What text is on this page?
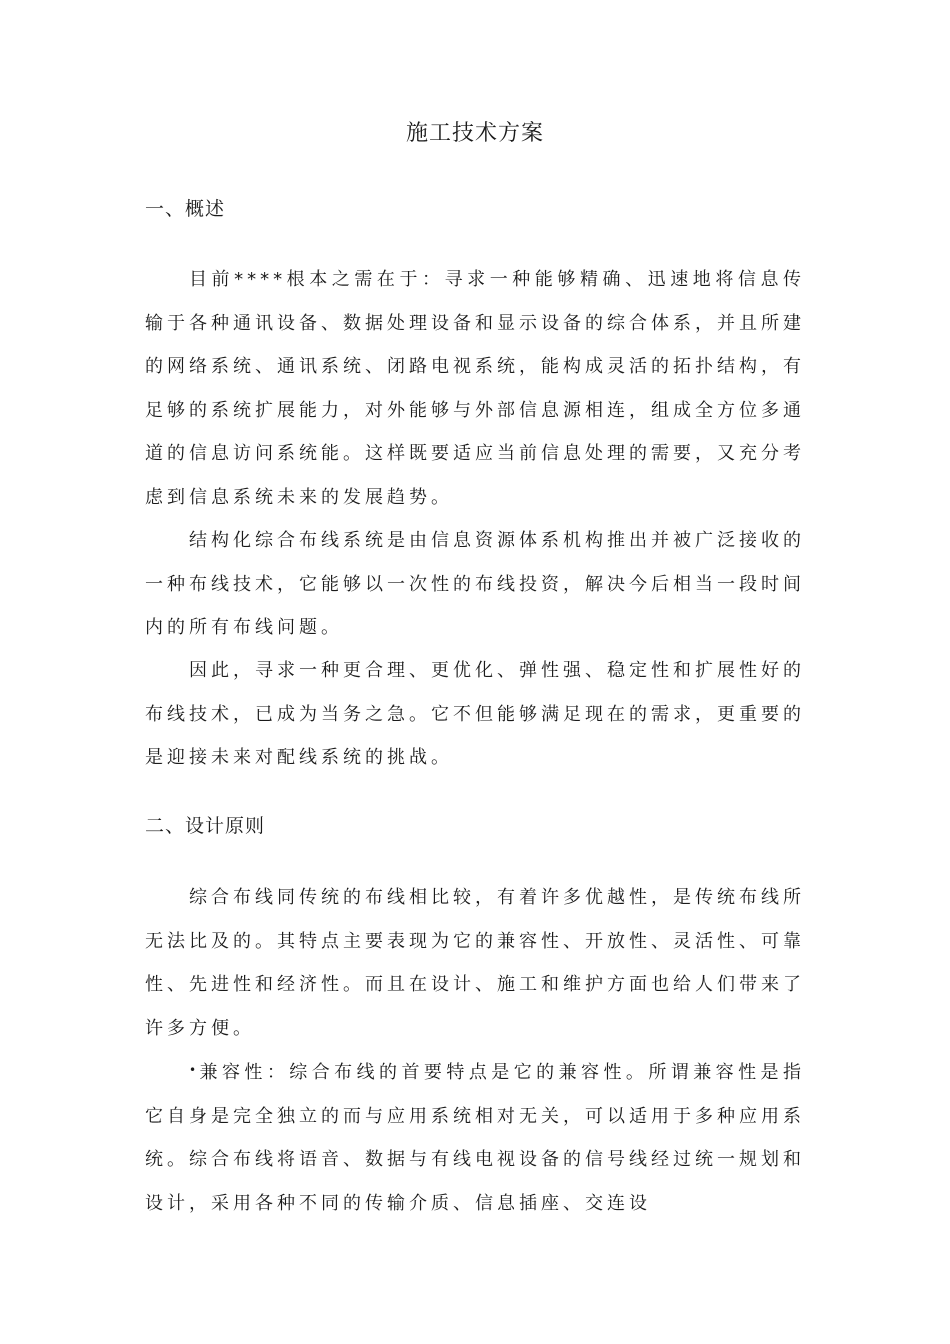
施工技术方案
一、概述

目前****根本之需在于：寻求一种能够精确、迅速地将信息传输于各种通讯设备、数据处理设备和显示设备的综合体系，并且所建的网络系统、通讯系统、闭路电视系统，能构成灵活的拓扑结构，有足够的系统扩展能力，对外能够与外部信息源相连，组成全方位多通道的信息访问系统能。这样既要适应当前信息处理的需要，又充分考虑到信息系统未来的发展趋势。

结构化综合布线系统是由信息资源体系机构推出并被广泛接收的一种布线技术，它能够以一次性的布线投资，解决今后相当一段时间内的所有布线问题。

因此，寻求一种更合理、更优化、弹性强、稳定性和扩展性好的布线技术，已成为当务之急。它不但能够满足现在的需求，更重要的是迎接未来对配线系统的挑战。

二、设计原则

综合布线同传统的布线相比较，有着许多优越性，是传统布线所无法比及的。其特点主要表现为它的兼容性、开放性、灵活性、可靠性、先进性和经济性。而且在设计、施工和维护方面也给人们带来了许多方便。

• 兼容性：综合布线的首要特点是它的兼容性。所谓兼容性是指它自身是完全独立的而与应用系统相对无关，可以适用于多种应用系统。综合布线将语音、数据与有线电视设备的信号线经过统一规划和设计，采用各种不同的传输介质、信息插座、交连设
